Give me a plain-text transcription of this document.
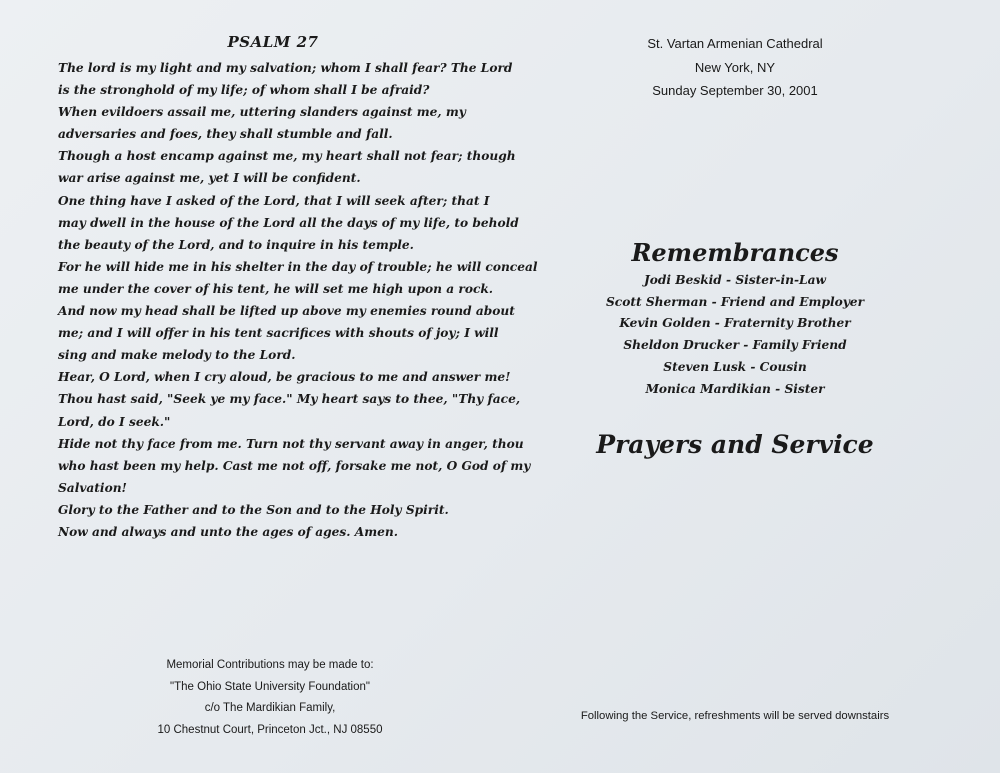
PSALM 27
The lord is my light and my salvation; whom I shall fear? The Lord
is the stronghold of my life; of whom shall I be afraid?
When evildoers assail me, uttering slanders against me, my
adversaries and foes, they shall stumble and fall.
Though a host encamp against me, my heart shall not fear; though
war arise against me, yet I will be confident.
One thing have I asked of the Lord, that I will seek after; that I
may dwell in the house of the Lord all the days of my life, to behold
the beauty of the Lord, and to inquire in his temple.
For he will hide me in his shelter in the day of trouble; he will conceal
me under the cover of his tent, he will set me high upon a rock.
And now my head shall be lifted up above my enemies round about
me; and I will offer in his tent sacrifices with shouts of joy; I will
sing and make melody to the Lord.
Hear, O Lord, when I cry aloud, be gracious to me and answer me!
Thou hast said, "Seek ye my face." My heart says to thee, "Thy face,
Lord, do I seek."
Hide not thy face from me. Turn not thy servant away in anger, thou
who hast been my help. Cast me not off, forsake me not, O God of my
Salvation!
Glory to the Father and to the Son and to the Holy Spirit.
Now and always and unto the ages of ages. Amen.
Memorial Contributions may be made to:
"The Ohio State University Foundation"
c/o The Mardikian Family,
10 Chestnut Court, Princeton Jct., NJ 08550
St. Vartan Armenian Cathedral
New York, NY
Sunday September 30, 2001
Remembrances
Jodi Beskid - Sister-in-Law
Scott Sherman - Friend and Employer
Kevin Golden - Fraternity Brother
Sheldon Drucker - Family Friend
Steven Lusk - Cousin
Monica Mardikian - Sister
Prayers and Service
Following the Service, refreshments will be served downstairs
